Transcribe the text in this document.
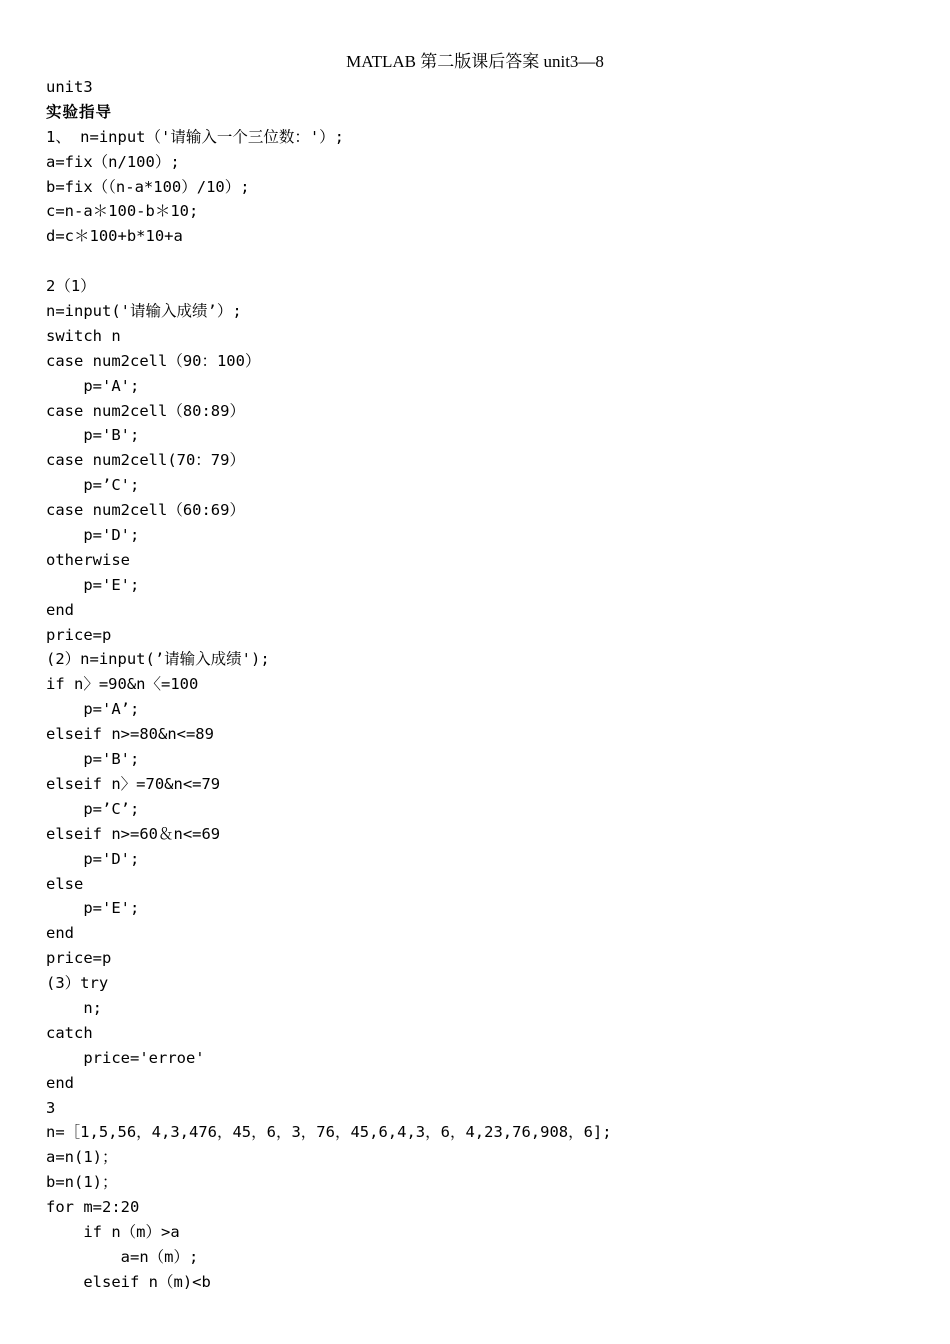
MATLAB 第二版课后答案 unit3—8
unit3
实验指导
1、 n=input（'请输入一个三位数：'）;
a=fix（n/100）;
b=fix（（n-a*100）/10）;
c=n-a＊100-b＊10;
d=c＊100+b*10+a
2（1）
n=input('请输入成绩’）;
switch n
case num2cell（90：100）
p='A';
case num2cell（80:89）
p='B';
case num2cell(70：79）
p=’C';
case num2cell（60:69）
p='D';
otherwise
p='E';
end
price=p
(2）n=input(’请输入成绩');
if n〉=90&n〈=100
p='A’;
elseif n>=80&n<=89
p='B';
elseif n〉=70&n<=79
p=’C’;
elseif n>=60＆n<=69
p='D';
else
p='E';
end
price=p
(3）try
n;
catch
price='erroe'
end
3
n=［1,5,56，4,3,476，45，6，3，76，45,6,4,3，6，4,23,76,908，6];
a=n(1)；
b=n(1)；
for m=2:20
if n（m）>a
a=n（m）;
elseif n（m)<b
